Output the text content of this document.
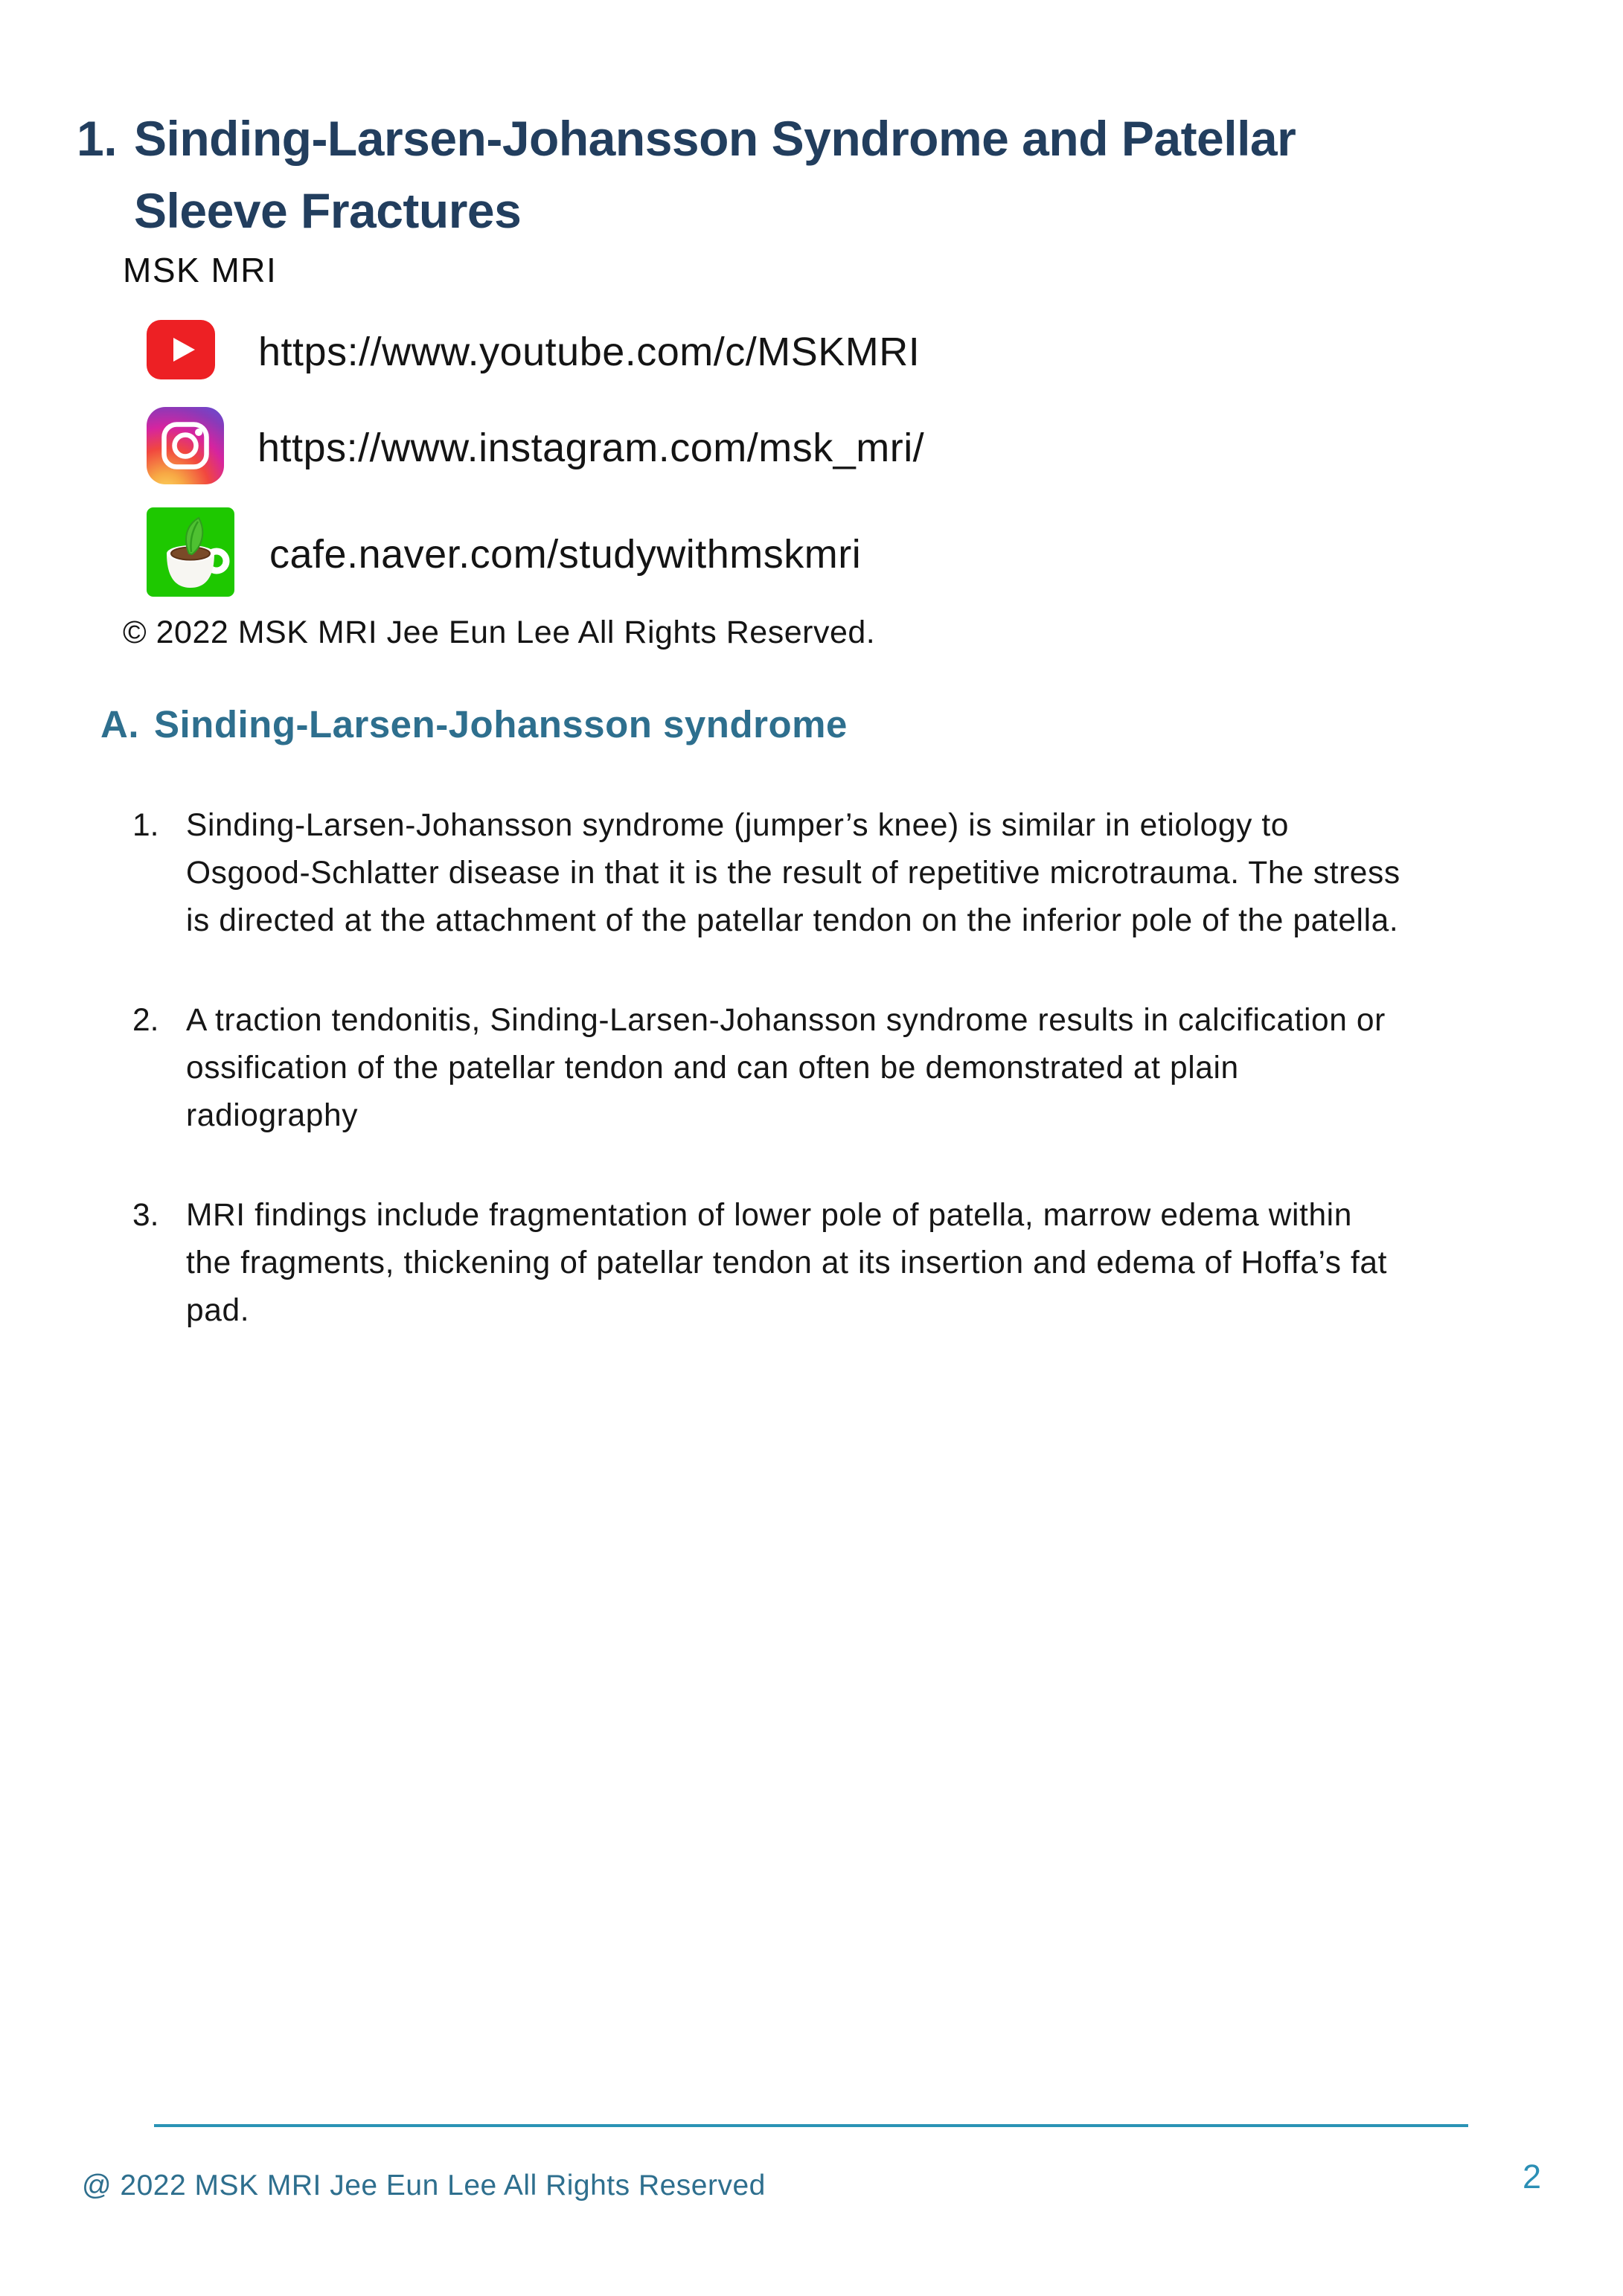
1. Sinding-Larsen-Johansson Syndrome and Patellar Sleeve Fractures
MSK MRI
https://www.youtube.com/c/MSKMRI
https://www.instagram.com/msk_mri/
cafe.naver.com/studywithmskmri
© 2022 MSK MRI Jee Eun Lee All Rights Reserved.
A. Sinding-Larsen-Johansson syndrome
1. Sinding-Larsen-Johansson syndrome (jumper’s knee) is similar in etiology to Osgood-Schlatter disease in that it is the result of repetitive microtrauma. The stress is directed at the attachment of the patellar tendon on the inferior pole of the patella.
2. A traction tendonitis, Sinding-Larsen-Johansson syndrome results in calcification or ossification of the patellar tendon and can often be demonstrated at plain radiography
3. MRI findings include fragmentation of lower pole of patella, marrow edema within the fragments, thickening of patellar tendon at its insertion and edema of Hoffa’s fat pad.
@ 2022 MSK MRI Jee Eun Lee All Rights Reserved	2
